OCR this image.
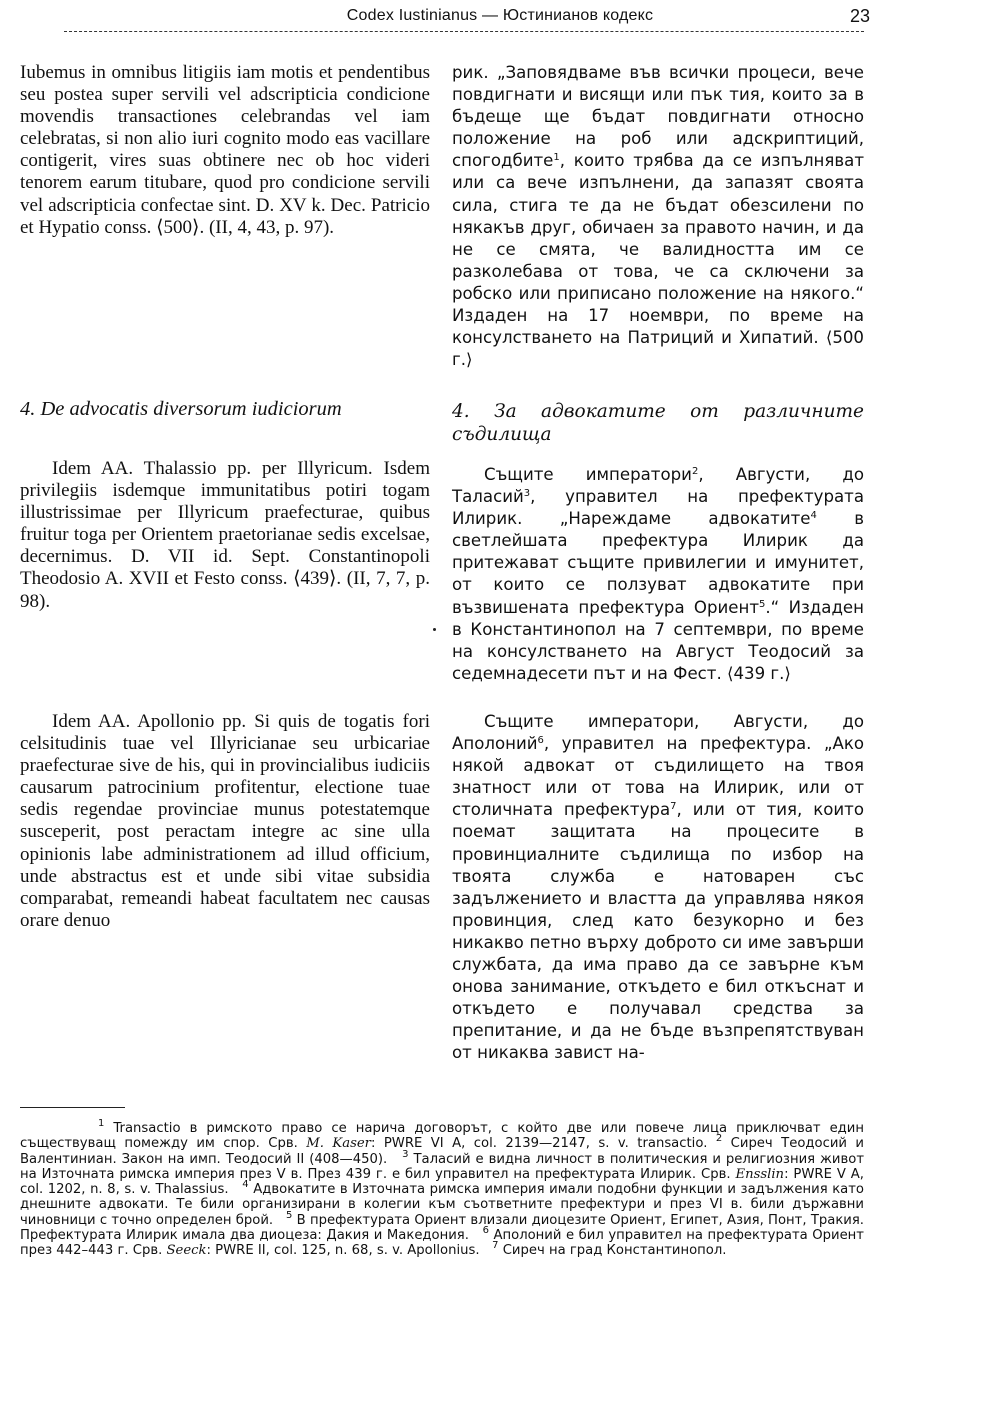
Codex Iustinianus — Юстинианов кодекс	23

Iubemus in omnibus litigiis iam motis et pendentibus seu postea super servili vel adscripticia condicione movendis transactiones celebrandas vel iam celebratas, si non alio iuri cognito modo eas vacillare contigerit, vires suas obtinere nec ob hoc videri tenorem earum titubare, quod pro condicione servili vel adscripticia confectae sint. D. XV k. Dec. Patricio et Hypatio conss. ⟨500⟩. (II, 4, 43, p. 97).

рик. „Заповядваме във всички процеси, вече повдигнати и висящи или пък тия, които за в бъдеще ще бъдат повдигнати относно положение на роб или адскриптиций, спогодбите$^1$, които трябва да се изпълняват или са вече изпълнени, да запазят своята сила, стига те да не бъдат обезсилени по някакъв друг, обичаен за правото начин, и да не се смята, че валидността им се разколебава от това, че са сключени за робско или приписано положение на някого.“ Издаден на 17 ноември, по време на консулстването на Патриций и Хипатий. ⟨500 г.⟩

4. De advocatis diversorum iudiciorum	4. За адвокатите от различните съдилища

Idem AA. Thalassio pp. per Illyricum. Isdem privilegiis isdemque immunitatibus potiri togam illustrissimae per Illyricum praefecturae, quibus fruitur toga per Orientem praetorianae sedis excelsae, decernimus. D. VII id. Sept. Constantinopoli Theodosio A. XVII et Festo conss. ⟨439⟩. (II, 7, 7, p. 98).

Същите императори$^2$, Августи, до Таласий$^3$, управител на префектурата Илирик. „Нареждаме адвокатите$^4$ в светлейшата префектура Илирик да притежават същите привилегии и имунитет, от които се ползуват адвокатите при възвишената префектура Ориент$^5$.“ Издаден в Константинопол на 7 септември, по време на консулстването на Август Теодосий за седемнадесети път и на Фест. ⟨439 г.⟩

Idem AA. Apollonio pp. Si quis de togatis fori celsitudinis tuae vel Illyricianae seu urbicariae praefecturae sive de his, qui in provincialibus iudiciis causarum patrocinium profitentur, electione tuae sedis regendae provinciae munus potestatemque susceperit, post peractam integre ac sine ulla opinionis labe administrationem ad illud officium, unde abstractus est et unde sibi vitae subsidia comparabat, remeandi habeat facultatem nec causas orare denuo

Същите императори, Августи, до Аполоний$^6$, управител на префектура. „Ако някой адвокат от съдилището на твоя знатност или от това на Илирик, или от столичната префектура$^7$, или от тия, които поемат защитата на процесите в провинциалните съдилища по избор на твоята служба е натоварен със задължението и властта да управлява някоя провинция, след като безукорно и без никакво петно върху доброто си име завърши службата, да има право да се завърне към онова занимание, откъдето е бил откъснат и откъдето е получавал средства за препитание, и да не бъде възпрепятствуван от никаква завист на-

$^1$ Transactio в римското право се нарича договорът, с който две или повече лица приключват един съществуващ помежду им спор. Срв. M. Kaser: PWRE VI A, col. 2139—2147, s. v. transactio. $^2$ Сиреч Теодосий и Валентиниан. Закон на имп. Теодосий II (408—450). $^3$ Таласий е видна личност в политическия и религиозния живот на Източната римска империя през V в. През 439 г. е бил управител на префектурата Илирик. Срв. Ensslin: PWRE V A, col. 1202, n. 8, s. v. Thalassius. $^4$ Адвокатите в Източната римска империя имали подобни функции и задължения като днешните адвокати. Те били организирани в колегии към съответните префектури и през VI в. били държавни чиновници с точно определен брой. $^5$ В префектурата Ориент влизали диоцезите Ориент, Египет, Азия, Понт, Тракия. Префектурата Илирик имала два диоцеза: Дакия и Македония. $^6$ Аполоний е бил управител на префектурата Ориент през 442–443 г. Срв. Seeck: PWRE II, col. 125, n. 68, s. v. Apollonius. $^7$ Сиреч на град Константинопол.
